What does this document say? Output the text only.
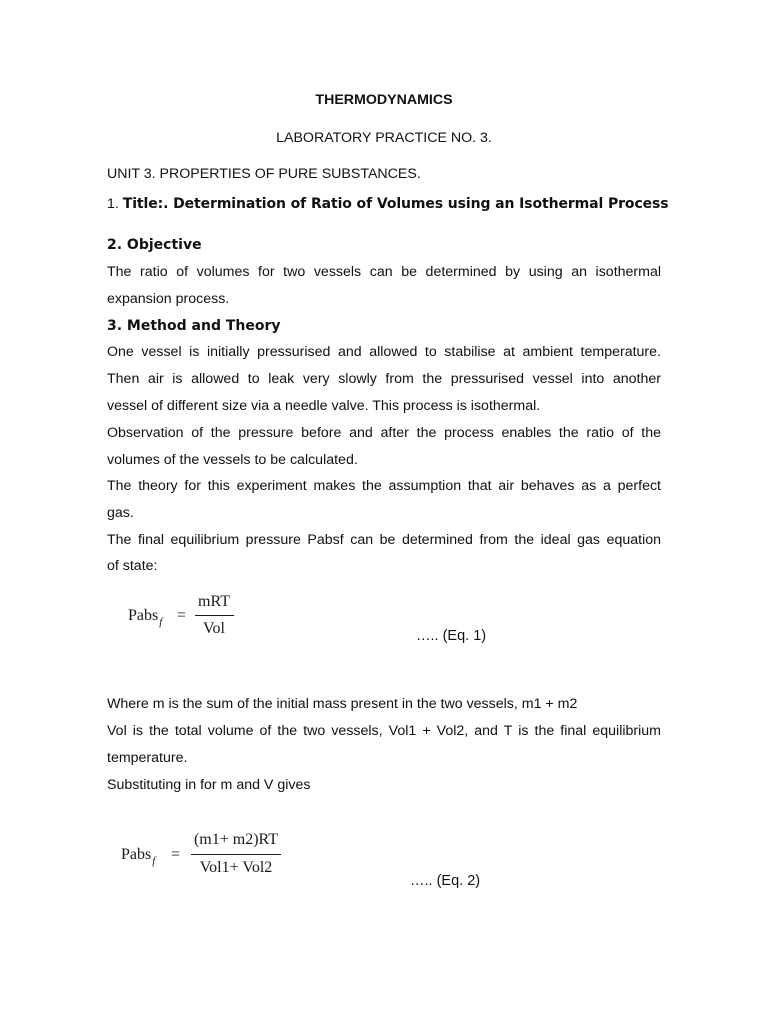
THERMODYNAMICS
LABORATORY PRACTICE NO. 3.
UNIT 3. PROPERTIES OF PURE SUBSTANCES.
1. Title:. Determination of Ratio of Volumes using an Isothermal Process
2. Objective
The ratio of volumes for two vessels can be determined by using an isothermal
expansion process.
3. Method and Theory
One vessel is initially pressurised and allowed to stabilise at ambient temperature.
Then air is allowed to leak very slowly from the pressurised vessel into another
vessel of different size via a needle valve. This process is isothermal.
Observation of the pressure before and after the process enables the ratio of the
volumes of the vessels to be calculated.
The theory for this experiment makes the assumption that air behaves as a perfect
gas.
The final equilibrium pressure Pabsf can be determined from the ideal gas equation
of state:
Pabs$_f$ =
mRT
Vol	….. (Eq. 1)
Where m is the sum of the initial mass present in the two vessels, m1 + m2
Vol is the total volume of the two vessels, Vol1 + Vol2, and T is the final equilibrium
temperature.
Substituting in for m and V gives
Pabs$_f$ =
(m1+ m2)RT
Vol1+ Vol2
….. (Eq. 2)
